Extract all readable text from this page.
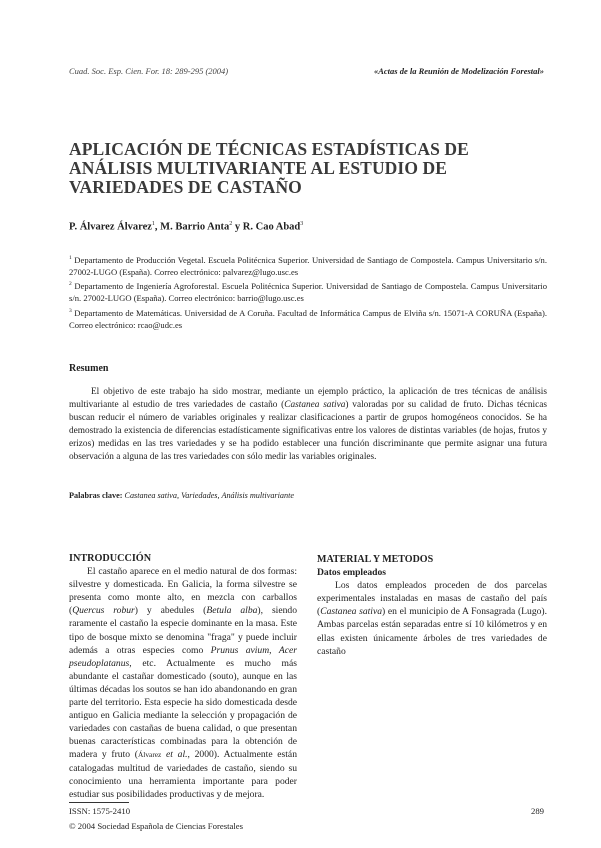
Cuad. Soc. Esp. Cien. For. 18: 289-295 (2004)	«Actas de la Reunión de Modelización Forestal»
APLICACIÓN DE TÉCNICAS ESTADÍSTICAS DE
ANÁLISIS MULTIVARIANTE AL ESTUDIO DE
VARIEDADES DE CASTAÑO
P. Álvarez Álvarez$^1$, M. Barrio Anta$^2$ y R. Cao Abad$^3$

$^1$ Departamento de Producción Vegetal. Escuela Politécnica Superior. Universidad de Santiago de Compostela. Campus Universitario s/n. 27002-LUGO (España). Correo electrónico: palvarez@lugo.usc.es

$^2$ Departamento de Ingeniería Agroforestal. Escuela Politécnica Superior. Universidad de Santiago de Compostela. Campus Universitario s/n. 27002-LUGO (España). Correo electrónico: barrio@lugo.usc.es

$^3$ Departamento de Matemáticas. Universidad de A Coruña. Facultad de Informática Campus de Elviña s/n. 15071-A CORUÑA (España). Correo electrónico: rcao@udc.es

Resumen

El objetivo de este trabajo ha sido mostrar, mediante un ejemplo práctico, la aplicación de tres técnicas de análisis multivariante al estudio de tres variedades de castaño (Castanea sativa) valoradas por su calidad de fruto. Dichas técnicas buscan reducir el número de variables originales y realizar clasificaciones a partir de grupos homogéneos conocidos. Se ha demostrado la existencia de diferencias estadísticamente significativas entre los valores de distintas variables (de hojas, frutos y erizos) medidas en las tres variedades y se ha podido establecer una función discriminante que permite asignar una futura observación a alguna de las tres variedades con sólo medir las variables originales.

Palabras clave: Castanea sativa, Variedades, Análisis multivariante

INTRODUCCIÓN

El castaño aparece en el medio natural de dos formas: silvestre y domesticada. En Galicia, la forma silvestre se presenta como monte alto, en mezcla con carballos (Quercus robur) y abedules (Betula alba), siendo raramente el castaño la especie dominante en la masa. Este tipo de bosque mixto se denomina "fraga" y puede incluir además a otras especies como Prunus avium, Acer pseudoplatanus, etc. Actualmente es mucho más abundante el castañar domesticado (souto), aunque en las últimas décadas los soutos se han ido abandonando en gran parte del territorio. Esta especie ha sido domesticada desde antiguo en Galicia mediante la selección y propagación de variedades con castañas de buena calidad, o que presentan buenas características combinadas para la obtención de madera y fruto (Álvarez et al., 2000). Actualmente están catalogadas multitud de variedades de castaño, siendo su conocimiento una herramienta importante para poder estudiar sus posibilidades productivas y de mejora.

MATERIAL Y METODOS

Datos empleados

Los datos empleados proceden de dos parcelas experimentales instaladas en masas de castaño del país (Castanea sativa) en el municipio de A Fonsagrada (Lugo). Ambas parcelas están separadas entre sí 10 kilómetros y en ellas existen únicamente árboles de tres variedades de castaño

ISSN: 1575-2410
© 2004 Sociedad Española de Ciencias Forestales
289
